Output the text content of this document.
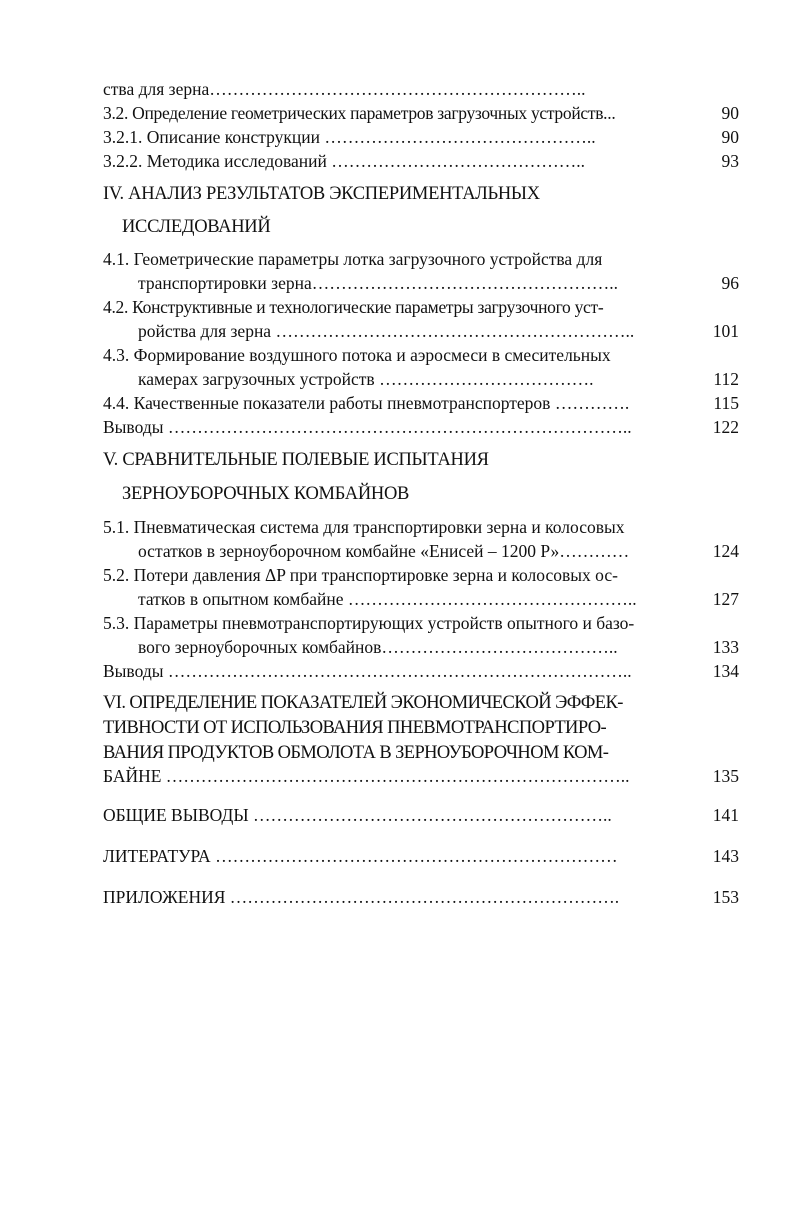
ства для зерна………………………………………………………..
3.2. Определение геометрических параметров загрузочных устройств...	90
3.2.1. Описание конструкции ………………………………………..	90
3.2.2. Методика исследований ……………………………………..	93
IV. АНАЛИЗ РЕЗУЛЬТАТОВ ЭКСПЕРИМЕНТАЛЬНЫХ
ИССЛЕДОВАНИЙ
4.1. Геометрические параметры лотка загрузочного устройства для
транспортировки зерна……………………………………………..	96
4.2. Конструктивные и технологические параметры загрузочного уст-
ройства для зерна ……………………………………………………..	101
4.3. Формирование воздушного потока и аэросмеси в смесительных
камерах загрузочных устройств ……………………………….	112
4.4. Качественные показатели работы пневмотранспортеров ………….	115
Выводы ……………………………………………………………………..	122
V. СРАВНИТЕЛЬНЫЕ ПОЛЕВЫЕ ИСПЫТАНИЯ
ЗЕРНОУБОРОЧНЫХ КОМБАЙНОВ
5.1. Пневматическая система для транспортировки зерна и колосовых
остатков в зерноуборочном комбайне «Енисей – 1200 Р»…………	124
5.2. Потери давления ΔP при транспортировке зерна и колосовых ос-
татков в опытном комбайне …………………………………………..	127
5.3. Параметры пневмотранспортирующих устройств опытного и базо-
вого зерноуборочных комбайнов…………………………………..	133
Выводы ……………………………………………………………………..	134
VI. ОПРЕДЕЛЕНИЕ ПОКАЗАТЕЛЕЙ ЭКОНОМИЧЕСКОЙ ЭФФЕК-
ТИВНОСТИ ОТ ИСПОЛЬЗОВАНИЯ ПНЕВМОТРАНСПОРТИРО-
ВАНИЯ ПРОДУКТОВ ОБМОЛОТА В ЗЕРНОУБОРОЧНОМ КОМ-
БАЙНЕ ……………………………………………………………………..	135
ОБЩИЕ ВЫВОДЫ ……………………………………………………..	141
ЛИТЕРАТУРА ……………………………………………………………	143
ПРИЛОЖЕНИЯ ………………………………………………………….	153
